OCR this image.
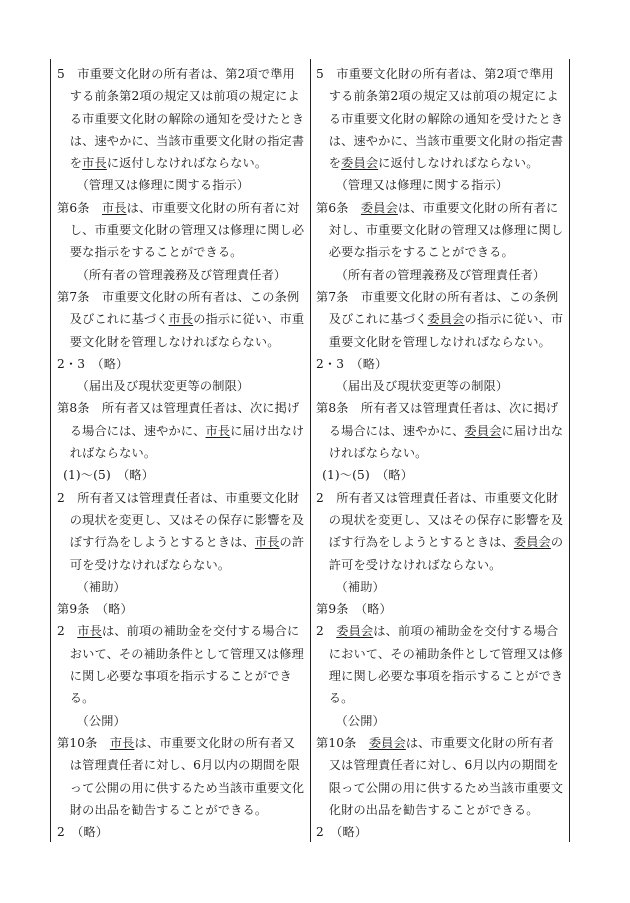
5　市重要文化財の所有者は、第2項で準用する前条第2項の規定又は前項の規定による市重要文化財の解除の通知を受けたときは、速やかに、当該市重要文化財の指定書を市長に返付しなければならない。

（管理又は修理に関する指示）

第6条　市長は、市重要文化財の所有者に対し、市重要文化財の管理又は修理に関し必要な指示をすることができる。

（所有者の管理義務及び管理責任者）

第7条　市重要文化財の所有者は、この条例及びこれに基づく市長の指示に従い、市重要文化財を管理しなければならない。

2・3　（略）

（届出及び現状変更等の制限）

第8条　所有者又は管理責任者は、次に掲げる場合には、速やかに、市長に届け出なければならない。

(1)～(5)　（略）

2　所有者又は管理責任者は、市重要文化財の現状を変更し、又はその保存に影響を及ぼす行為をしようとするときは、市長の許可を受けなければならない。

（補助）

第9条　（略）

2　市長は、前項の補助金を交付する場合において、その補助条件として管理又は修理に関し必要な事項を指示することができる。

（公開）

第10条　市長は、市重要文化財の所有者又は管理責任者に対し、6月以内の期間を限って公開の用に供するため当該市重要文化財の出品を勧告することができる。

2　（略）

5　市重要文化財の所有者は、第2項で準用する前条第2項の規定又は前項の規定による市重要文化財の解除の通知を受けたときは、速やかに、当該市重要文化財の指定書を委員会に返付しなければならない。

（管理又は修理に関する指示）

第6条　委員会は、市重要文化財の所有者に対し、市重要文化財の管理又は修理に関し必要な指示をすることができる。

（所有者の管理義務及び管理責任者）

第7条　市重要文化財の所有者は、この条例及びこれに基づく委員会の指示に従い、市重要文化財を管理しなければならない。

2・3　（略）

（届出及び現状変更等の制限）

第8条　所有者又は管理責任者は、次に掲げる場合には、速やかに、委員会に届け出なければならない。

(1)～(5)　（略）

2　所有者又は管理責任者は、市重要文化財の現状を変更し、又はその保存に影響を及ぼす行為をしようとするときは、委員会の許可を受けなければならない。

（補助）

第9条　（略）

2　委員会は、前項の補助金を交付する場合において、その補助条件として管理又は修理に関し必要な事項を指示することができる。

（公開）

第10条　委員会は、市重要文化財の所有者又は管理責任者に対し、6月以内の期間を限って公開の用に供するため当該市重要文化財の出品を勧告することができる。

2　（略）
